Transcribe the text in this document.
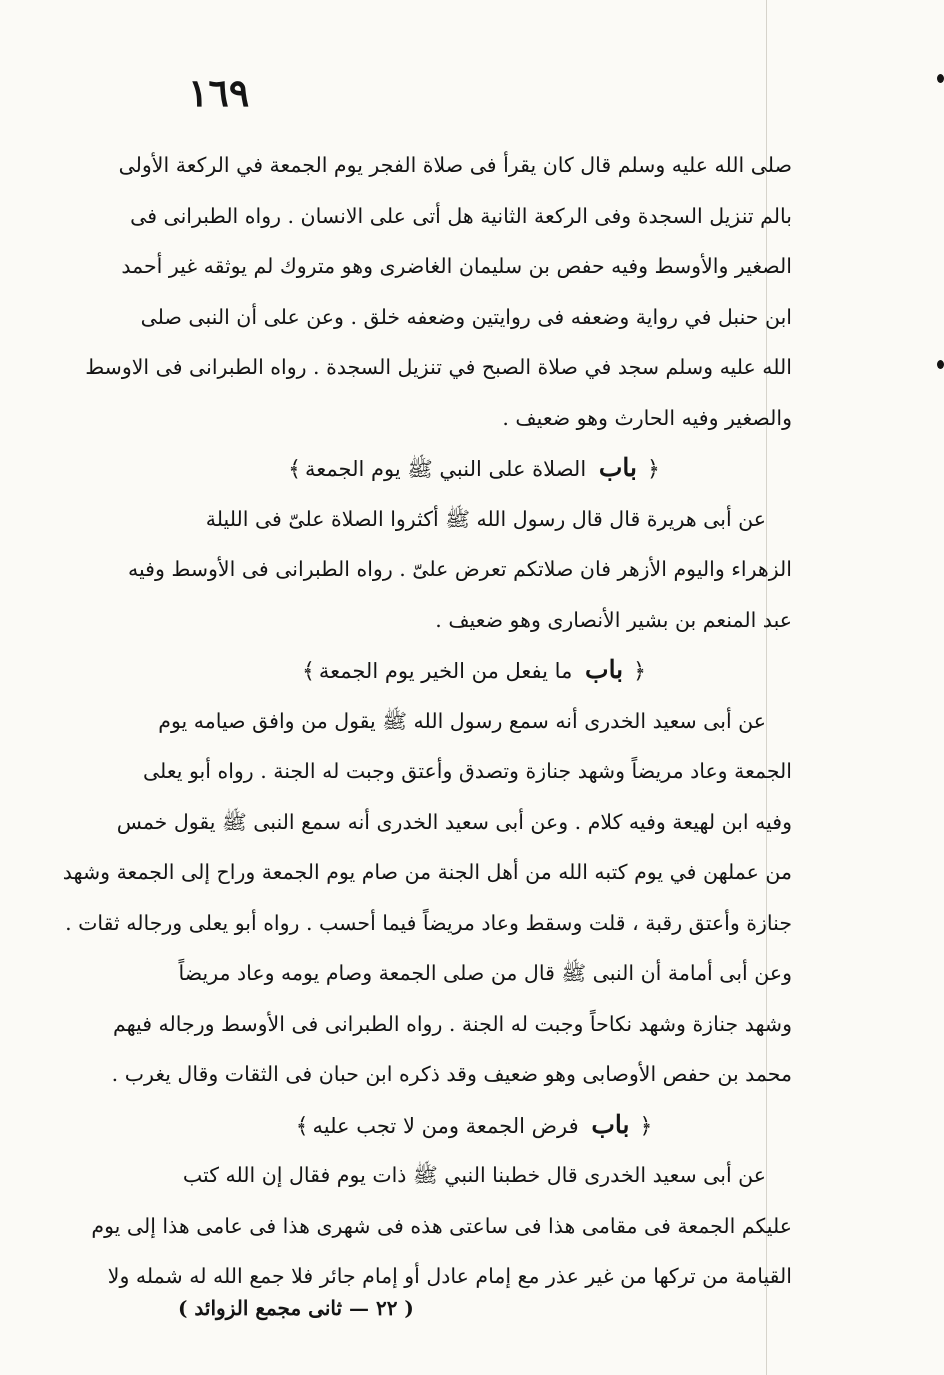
١٦٩
صلى الله عليه وسلم قال كان يقرأ فى صلاة الفجر يوم الجمعة في الركعة الأولى
بالم تنزيل السجدة وفى الركعة الثانية هل أتى على الانسان . رواه الطبرانى فى
الصغير والأوسط وفيه حفص بن سليمان الغاضرى وهو متروك لم يوثقه غير أحمد
ابن حنبل في رواية وضعفه فى روايتين وضعفه خلق . وعن على أن النبى صلى
الله عليه وسلم سجد في صلاة الصبح في تنزيل السجدة . رواه الطبرانى فى الاوسط
والصغير وفيه الحارث وهو ضعيف .
﴿باب الصلاة على النبي ﷺ يوم الجمعة﴾
عن أبى هريرة قال قال رسول الله ﷺ أكثروا الصلاة علىّ فى الليلة
الزهراء واليوم الأزهر فان صلاتكم تعرض علىّ . رواه الطبرانى فى الأوسط وفيه
عبد المنعم بن بشير الأنصارى وهو ضعيف .
﴿باب ما يفعل من الخير يوم الجمعة﴾
عن أبى سعيد الخدرى أنه سمع رسول الله ﷺ يقول من وافق صيامه يوم
الجمعة وعاد مريضاً وشهد جنازة وتصدق وأعتق وجبت له الجنة . رواه أبو يعلى
وفيه ابن لهيعة وفيه كلام . وعن أبى سعيد الخدرى أنه سمع النبى ﷺ يقول خمس
من عملهن في يوم كتبه الله من أهل الجنة من صام يوم الجمعة وراح إلى الجمعة وشهد
جنازة وأعتق رقبة ، قلت وسقط وعاد مريضاً فيما أحسب . رواه أبو يعلى ورجاله ثقات .
وعن أبى أمامة أن النبى ﷺ قال من صلى الجمعة وصام يومه وعاد مريضاً
وشهد جنازة وشهد نكاحاً وجبت له الجنة . رواه الطبرانى فى الأوسط ورجاله فيهم
محمد بن حفص الأوصابى وهو ضعيف وقد ذكره ابن حبان فى الثقات وقال يغرب .
﴿باب فرض الجمعة ومن لا تجب عليه﴾
عن أبى سعيد الخدرى قال خطبنا النبي ﷺ ذات يوم فقال إن الله كتب
عليكم الجمعة فى مقامى هذا فى ساعتى هذه فى شهرى هذا فى عامى هذا إلى يوم
القيامة من تركها من غير عذر مع إمام عادل أو إمام جائر فلا جمع الله له شمله ولا
( ٢٢ — ثانى مجمع الزوائد )
